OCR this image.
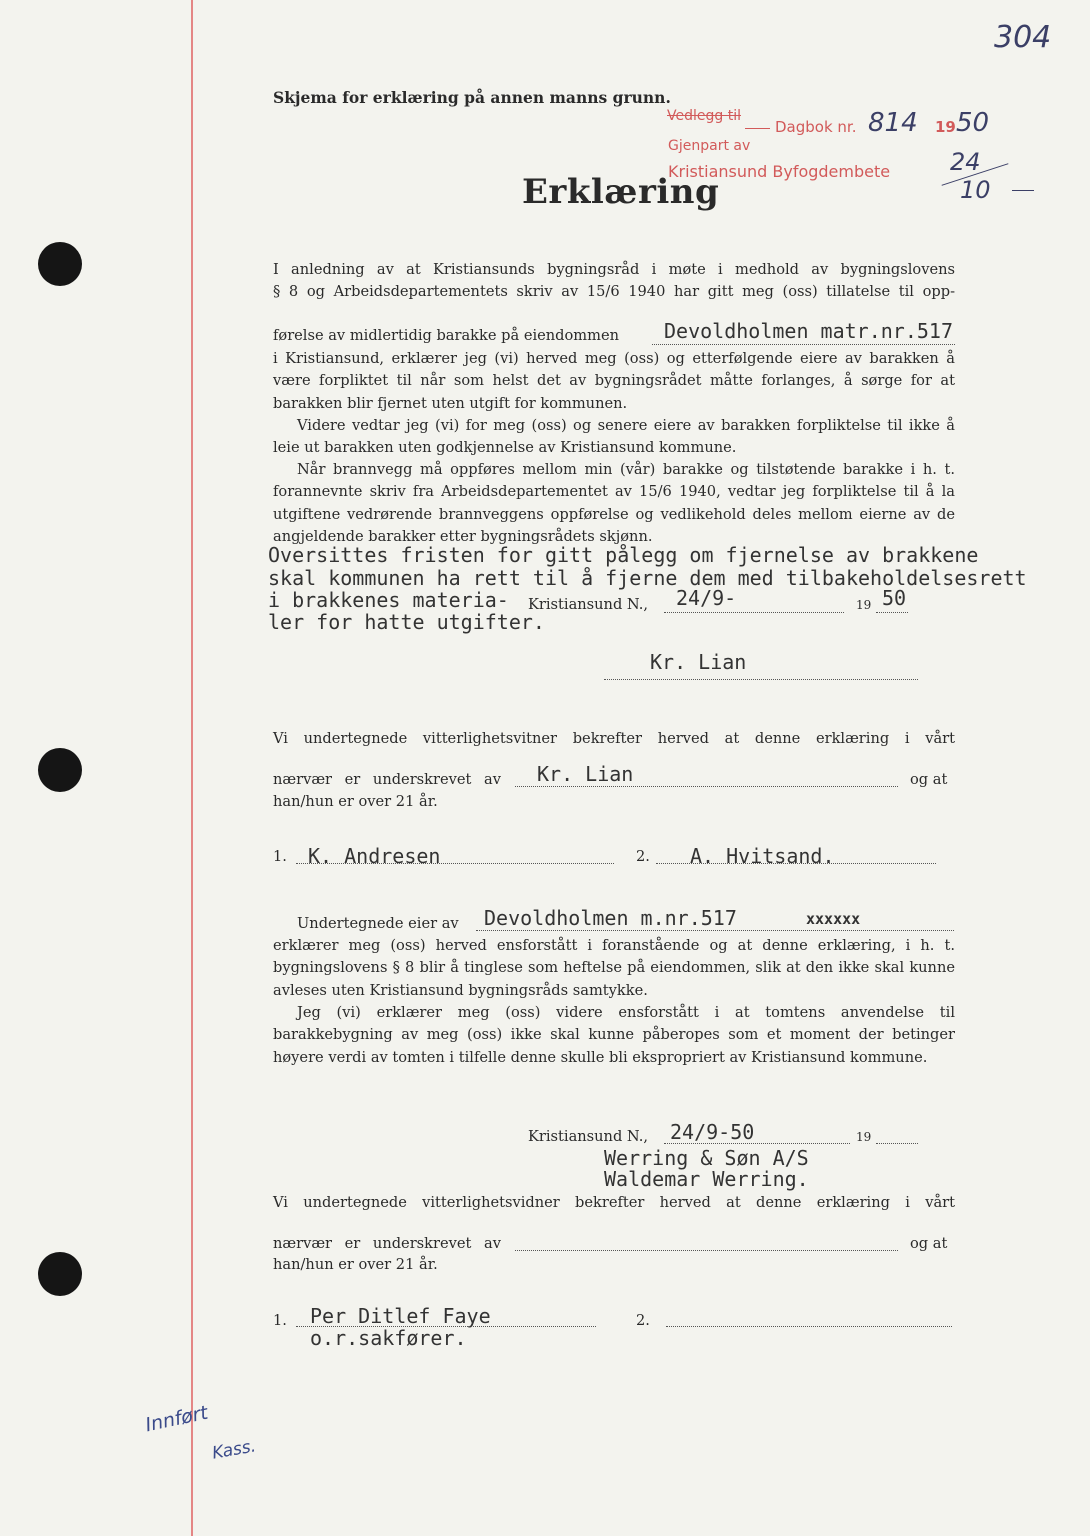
304
Skjema for erklæring på annen manns grunn.
Vedlegg til
Dagbok nr. 814 19 50
Gjenpart av
Kristiansund Byfogdembete 24
10
Erklæring
I anledning av at Kristiansunds bygningsråd i møte i medhold av bygningslovens
§ 8 og Arbeidsdepartementets skriv av 15/6 1940 har gitt meg (oss) tillatelse til opp-
førelse av midlertidig barakke på eiendommen Devoldholmen matr.nr.517
i Kristiansund, erklærer jeg (vi) herved meg (oss) og etterfølgende eiere av barakken å være forpliktet til når som helst det av bygningsrådet måtte forlanges, å sørge for at barakken blir fjernet uten utgift for kommunen.
Videre vedtar jeg (vi) for meg (oss) og senere eiere av barakken forpliktelse til ikke å leie ut barakken uten godkjennelse av Kristiansund kommune.
Når brannvegg må oppføres mellom min (vår) barakke og tilstøtende barakke i h. t. forannevnte skriv fra Arbeidsdepartementet av 15/6 1940, vedtar jeg forpliktelse til å la utgiftene vedrørende brannveggens oppførelse og vedlikehold deles mellom eierne av de angjeldende barakker etter bygningsrådets skjønn.
Oversittes fristen for gitt pålegg om fjernelse av brakkene
skal kommunen ha rett til å fjerne dem med tilbakeholdelsesrett
i brakkenes materia-
ler for hatte utgifter.
Kristiansund N., 24/9-	19 50
Kr. Lian
Vi undertegnede vitterlighetsvitner bekrefter herved at denne erklæring i vårt
nærvær er underskrevet av Kr. Lian	og at
han/hun er over 21 år.
1. K. Andresen	2. A. Hvitsand.
Undertegnede eier av Devoldholmen m.nr.517	xxxxxx
erklærer meg (oss) herved ensforstått i foranstående og at denne erklæring, i h. t. bygningslovens § 8 blir å tinglese som heftelse på eiendommen, slik at den ikke skal kunne avleses uten Kristiansund bygningsråds samtykke.
Jeg (vi) erklærer meg (oss) videre ensforstått i at tomtens anvendelse til barakkebygning av meg (oss) ikke skal kunne påberopes som et moment der betinger høyere verdi av tomten i tilfelle denne skulle bli ekspropriert av Kristiansund kommune.
Kristiansund N., 24/9-50	19
Werring & Søn A/S
Waldemar Werring.
Vi undertegnede vitterlighetsvidner bekrefter herved at denne erklæring i vårt
nærvær er underskrevet av	og at
han/hun er over 21 år.
1. Per Ditlef Faye
o.r.sakfører.
2.
Innført
Kass.
